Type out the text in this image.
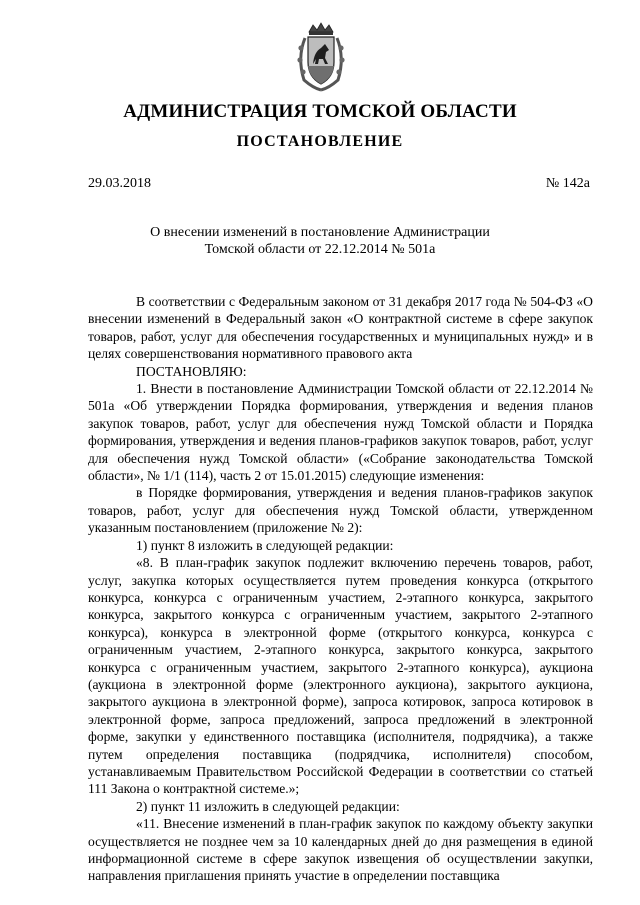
АДМИНИСТРАЦИЯ ТОМСКОЙ ОБЛАСТИ
ПОСТАНОВЛЕНИЕ
29.03.2018	№ 142а
О внесении изменений в постановление Администрации
Томской области от 22.12.2014 № 501а

В соответствии с Федеральным законом от 31 декабря 2017 года № 504-ФЗ «О внесении изменений в Федеральный закон «О контрактной системе в сфере закупок товаров, работ, услуг для обеспечения государственных и муниципальных нужд» и в целях совершенствования нормативного правового акта

ПОСТАНОВЛЯЮ:

1. Внести в постановление Администрации Томской области от 22.12.2014 № 501а «Об утверждении Порядка формирования, утверждения и ведения планов закупок товаров, работ, услуг для обеспечения нужд Томской области и Порядка формирования, утверждения и ведения планов-графиков закупок товаров, работ, услуг для обеспечения нужд Томской области» («Собрание законодательства Томской области», № 1/1 (114), часть 2 от 15.01.2015) следующие изменения:

в Порядке формирования, утверждения и ведения планов-графиков закупок товаров, работ, услуг для обеспечения нужд Томской области, утвержденном указанным постановлением (приложение № 2):

1) пункт 8 изложить в следующей редакции:

«8. В план-график закупок подлежит включению перечень товаров, работ, услуг, закупка которых осуществляется путем проведения конкурса (открытого конкурса, конкурса с ограниченным участием, 2-этапного конкурса, закрытого конкурса, закрытого конкурса с ограниченным участием, закрытого 2-этапного конкурса), конкурса в электронной форме (открытого конкурса, конкурса с ограниченным участием, 2-этапного конкурса, закрытого конкурса, закрытого конкурса с ограниченным участием, закрытого 2-этапного конкурса), аукциона (аукциона в электронной форме (электронного аукциона), закрытого аукциона, закрытого аукциона в электронной форме), запроса котировок, запроса котировок в электронной форме, запроса предложений, запроса предложений в электронной форме, закупки у единственного поставщика (исполнителя, подрядчика), а также путем определения поставщика (подрядчика, исполнителя) способом, устанавливаемым Правительством Российской Федерации в соответствии со статьей 111 Закона о контрактной системе.»;

2) пункт 11 изложить в следующей редакции:

«11. Внесение изменений в план-график закупок по каждому объекту закупки осуществляется не позднее чем за 10 календарных дней до дня размещения в единой информационной системе в сфере закупок извещения об осуществлении закупки, направления приглашения принять участие в определении поставщика
